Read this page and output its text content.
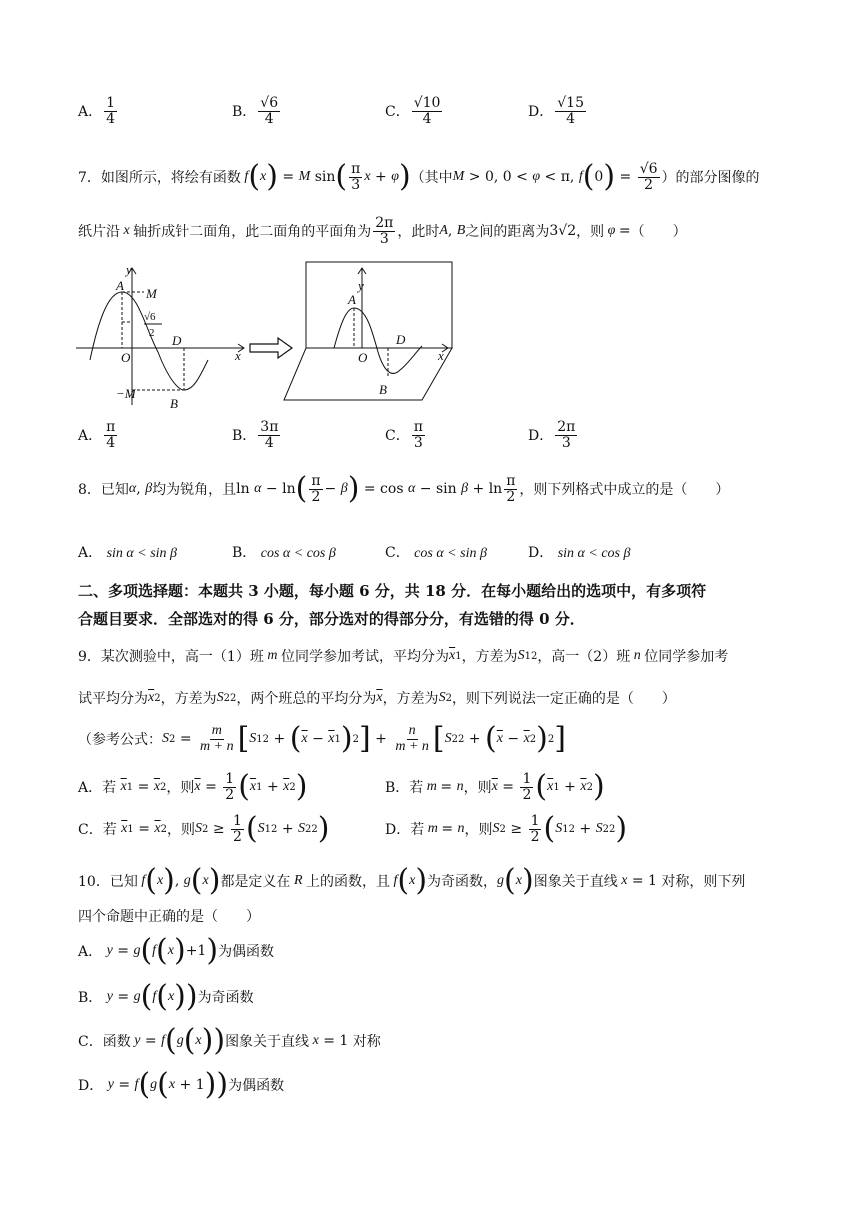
A． $\frac{1}{4}$	B． $\frac{√6}{4}$	C． $\frac{√10}{4}$	D． $\frac{√15}{4}$
7． 如图所示，将绘有函数 f ( x ) = M sin ( $\frac{\pi}{3}$ x + φ ) （其中 M > 0, 0 < φ < π, f ( 0 ) = $\frac{√6}{2}$ ）的部分图像的
纸片沿 x 轴折成针二面角，此二面角的平面角为 $\frac{2\pi}{3}$ ，此时 A , B 之间的距离为 3√2 ，则 φ = （　　）
y
x
A
M
O
D
−M
B
√6
2
y
A
x
O
D
B
A． $\frac{\pi}{4}$	B． $\frac{3\pi}{4}$	C． $\frac{\pi}{3}$	D． $\frac{2\pi}{3}$
8． 已知 α , β 均为锐角，且 ln α − ln ( $\frac{\pi}{2} - \beta$ ) = $\cos \alpha - \sin \beta + \ln \frac{\pi}{2}$ ，则下列格式中成立的是（　　）
A． sin α < sin β	B． cos α < cos β	C． cos α < sin β	D． sin α < cos β
二、多项选择题：本题共 3 小题，每小题 6 分，共 18 分．在每小题给出的选项中，有多项符
合题目要求．全部选对的得 6 分，部分选对的得部分分，有选错的得 0 分．
9． 某次测验中，高一（1）班 m 位同学参加考试，平均分为 $\overline{x}$ 1 ，方差为 S 1 2 ，高一（2）班 n 位同学参加考
试平均分为 $\overline{x}$ 2 ，方差为 S 2 2 ，两个班总的平均分为 $\overline{x}$ ，方差为 S 2 ，则下列说法一定正确的是（　　）
（参考公式： S $2 = \frac{m}{m + n}$ [ S 1 2 + ( $\overline{x} - \overline{x}$ 1 ) 2 ] + $\frac{n}{m + n}$ [ S 2 2 + ( $\overline{x} - \overline{x}$ 2 ) 2 ]
A． 若
$\overline{x}$ $1 = \overline{x}$ 2 ，则 $\overline{x} = \frac{1}{2}$ ( $\overline{x}$ $1 + \overline{x}$ 2 )	B． 若 m = n ，则 $\overline{x} = \frac{1}{2}$ ( $\overline{x}$ $1 + \overline{x}$ 2 )
C． 若
$\overline{x}$ $1 = \overline{x}$ 2 ，则 S $2 \ge \frac{1}{2}$ ( S 1 2 + S 2 2 )	D． 若 m = n ，则 S $2 \ge \frac{1}{2}$ ( S 1 2 + S 2 2 )
10． 已知 f ( x ) , g ( x ) 都是定义在 R 上的函数，且 f ( x ) 为奇函数， g ( x ) 图象关于直线 x = 1 对称，则下列
四个命题中正确的是（　　）
A．
y = g ( f ( x ) +1 ) 为偶函数
B．
y = g ( f ( x ) ) 为奇函数
C． 函数 y = f ( g ( x ) ) 图象关于直线 x = 1 对称
D．
y = f ( g ( x + 1 ) ) 为偶函数
